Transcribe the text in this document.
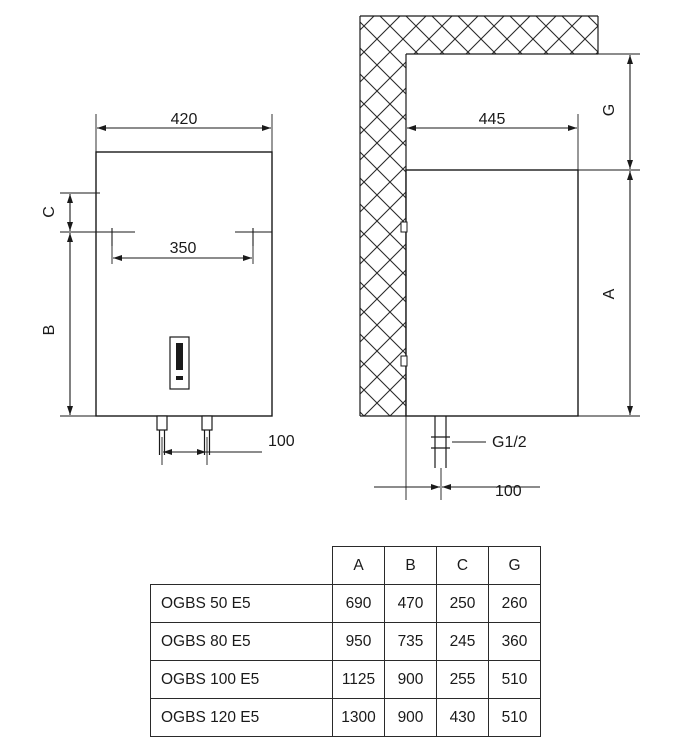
420
350
C
B
100
445
G
A
G1/2
100
	A	B	C	G
OGBS 50 E5	690	470	250	260
OGBS 80 E5	950	735	245	360
OGBS 100 E5	1125	900	255	510
OGBS 120 E5	1300	900	430	510
